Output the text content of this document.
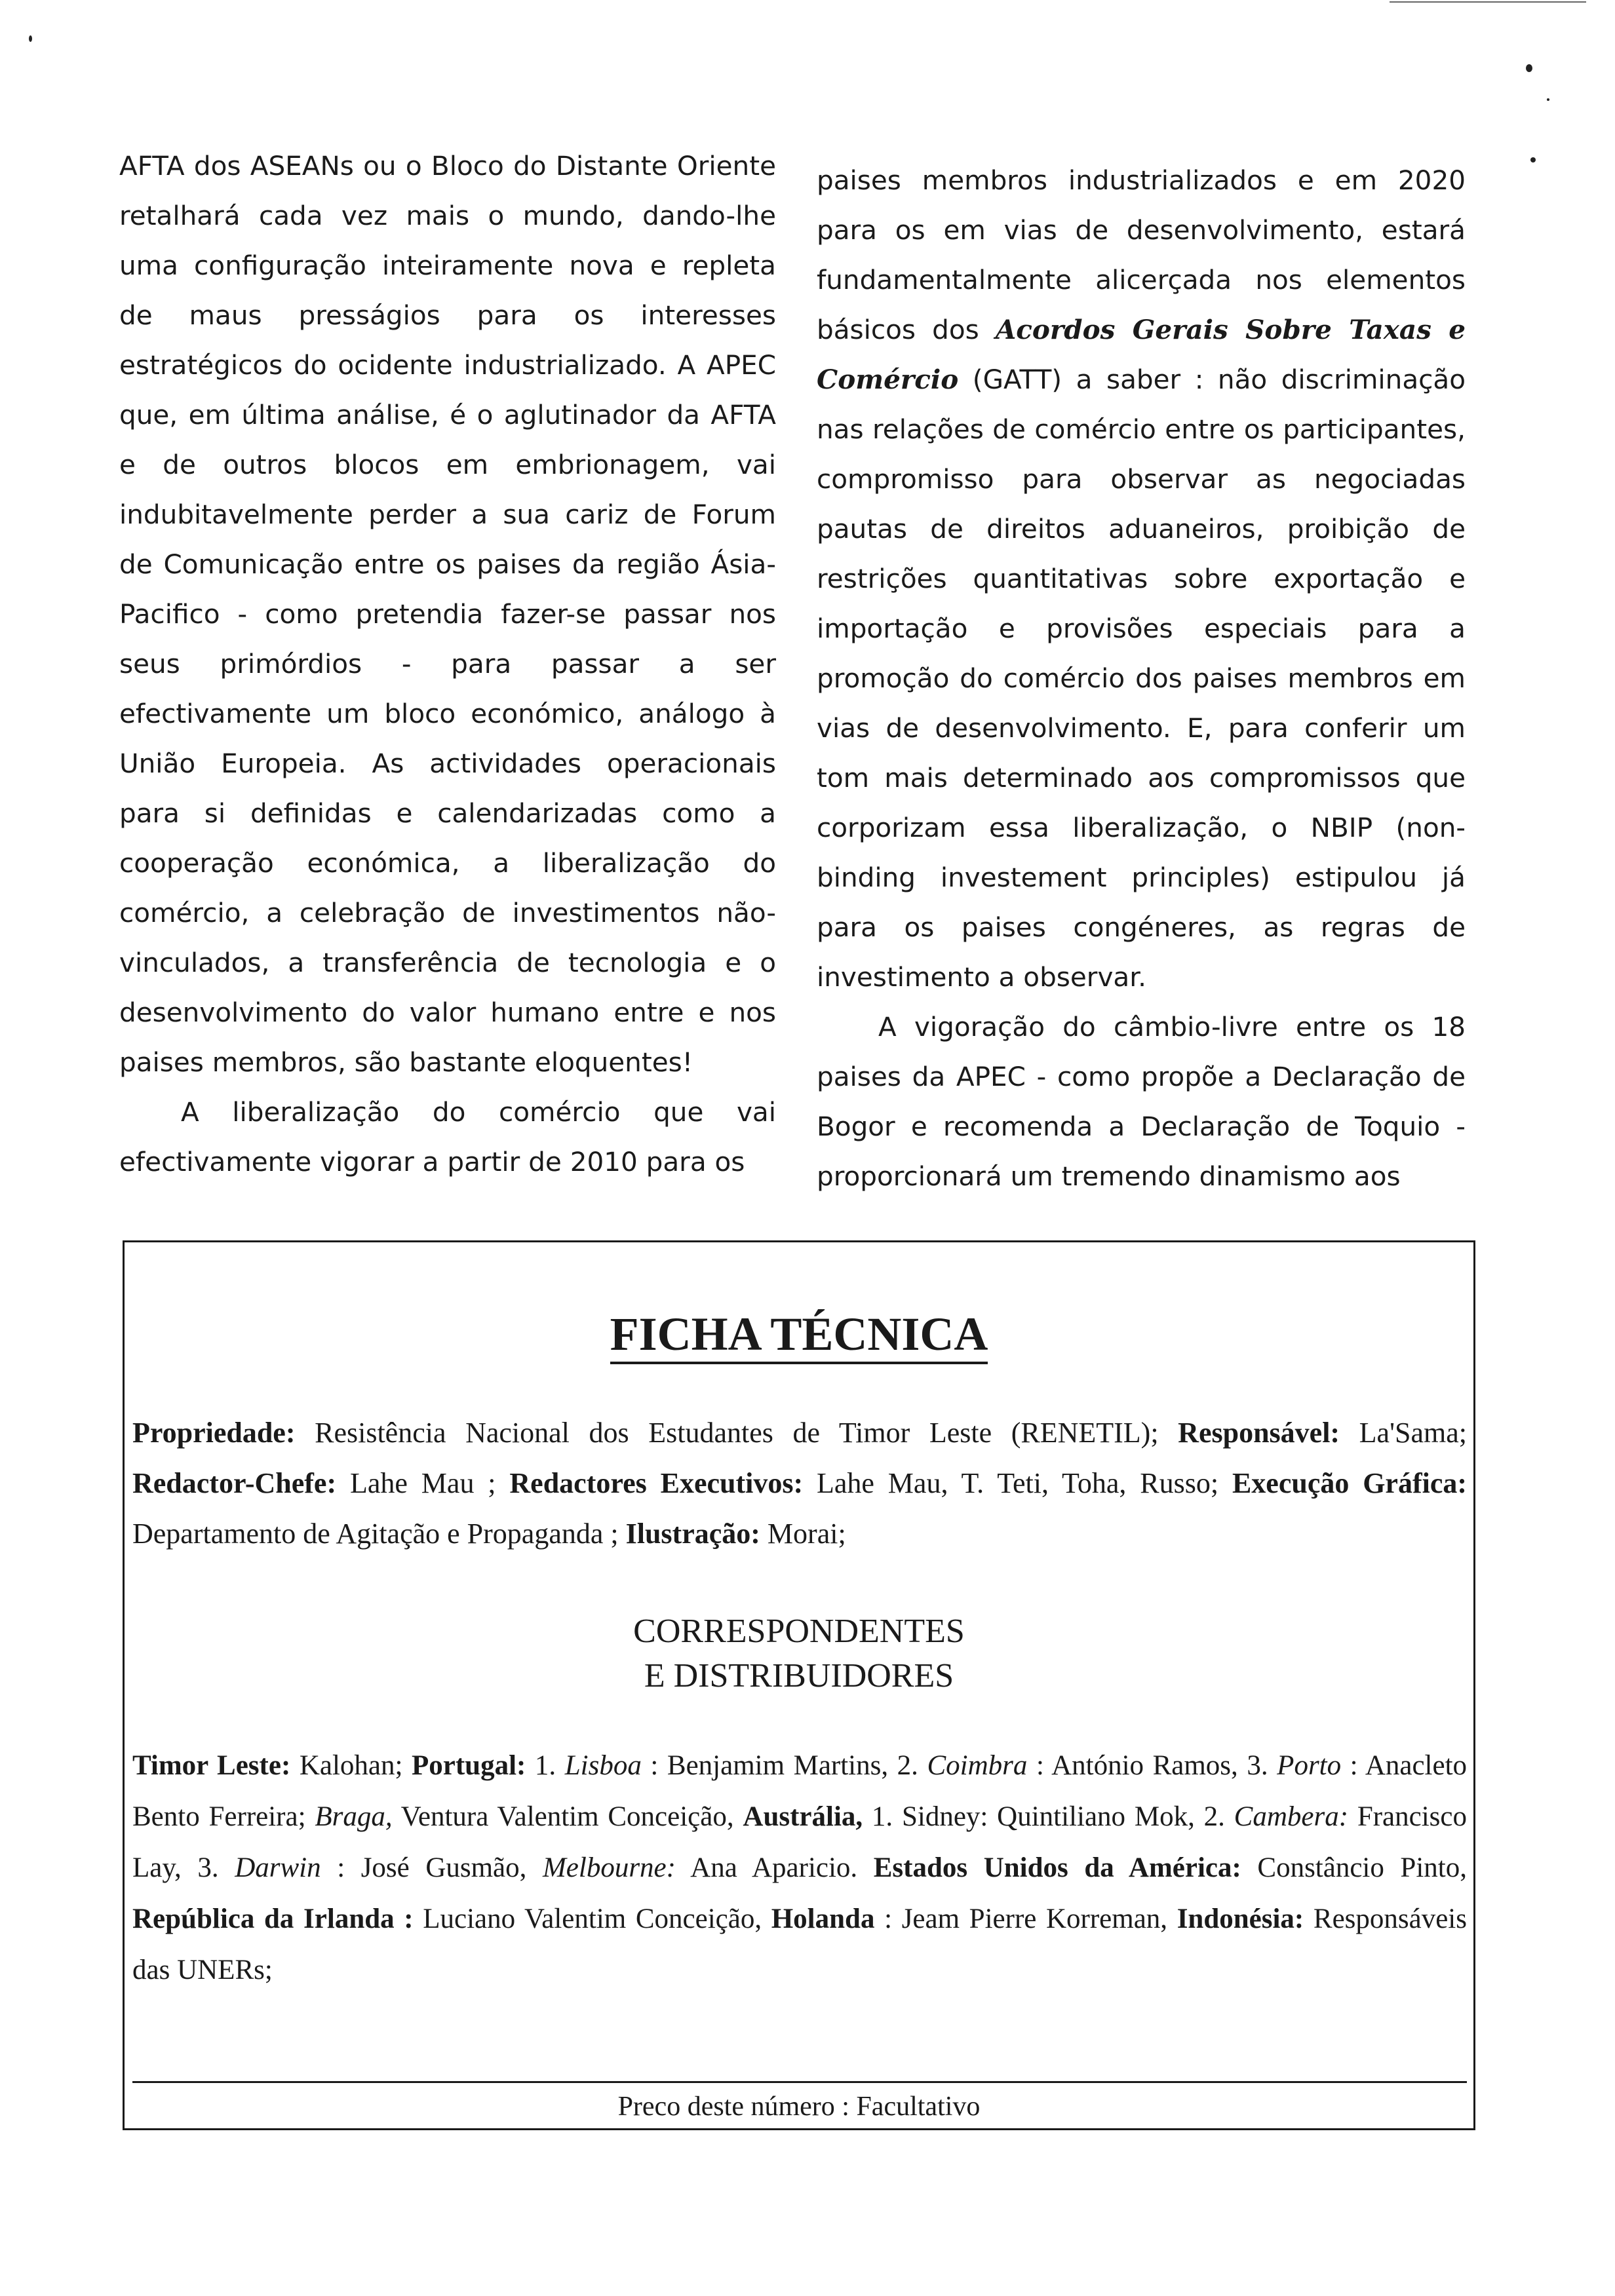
AFTA dos ASEANs ou o Bloco do Distante Oriente retalhará cada vez mais o mundo, dando-lhe uma configuração inteiramente nova e repleta de maus presságios para os interesses estratégicos do ocidente industrializado. A APEC que, em última análise, é o aglutinador da AFTA e de outros blocos em embrionagem, vai indubitavelmente perder a sua cariz de Forum de Comunicação entre os paises da região Ásia-Pacifico - como pretendia fazer-se passar nos seus primórdios - para passar a ser efectivamente um bloco económico, análogo à União Europeia. As actividades operacionais para si definidas e calendarizadas como a cooperação económica, a liberalização do comércio, a celebração de investimentos não-vinculados, a transferência de tecnologia e o desenvolvimento do valor humano entre e nos paises membros, são bastante eloquentes!

A liberalização do comércio que vai efectivamente vigorar a partir de 2010 para os

paises membros industrializados e em 2020 para os em vias de desenvolvimento, estará fundamentalmente alicerçada nos elementos básicos dos Acordos Gerais Sobre Taxas e Comércio (GATT) a saber : não discriminação nas relações de comércio entre os participantes, compromisso para observar as negociadas pautas de direitos aduaneiros, proibição de restrições quantitativas sobre exportação e importação e provisões especiais para a promoção do comércio dos paises membros em vias de desenvolvimento. E, para conferir um tom mais determinado aos compromissos que corporizam essa liberalização, o NBIP (non-binding investement principles) estipulou já para os paises congéneres, as regras de investimento a observar.

A vigoração do câmbio-livre entre os 18 paises da APEC - como propõe a Declaração de Bogor e recomenda a Declaração de Toquio - proporcionará um tremendo dinamismo aos

FICHA TÉCNICA
Propriedade: Resistência Nacional dos Estudantes de Timor Leste (RENETIL); Responsável: La'Sama; Redactor-Chefe: Lahe Mau ; Redactores Executivos: Lahe Mau, T. Teti, Toha, Russo; Execução Gráfica: Departamento de Agitação e Propaganda ; Ilustração: Morai;
CORRESPONDENTES
E DISTRIBUIDORES
Timor Leste: Kalohan; Portugal: 1. Lisboa : Benjamim Martins, 2. Coimbra : António Ramos, 3. Porto : Anacleto Bento Ferreira; Braga, Ventura Valentim Conceição, Austrália, 1. Sidney: Quintiliano Mok, 2. Cambera: Francisco Lay, 3. Darwin : José Gusmão, Melbourne: Ana Aparicio. Estados Unidos da América: Constâncio Pinto, República da Irlanda : Luciano Valentim Conceição, Holanda : Jeam Pierre Korreman, Indonésia: Responsáveis das UNERs;
Preco deste número : Facultativo
